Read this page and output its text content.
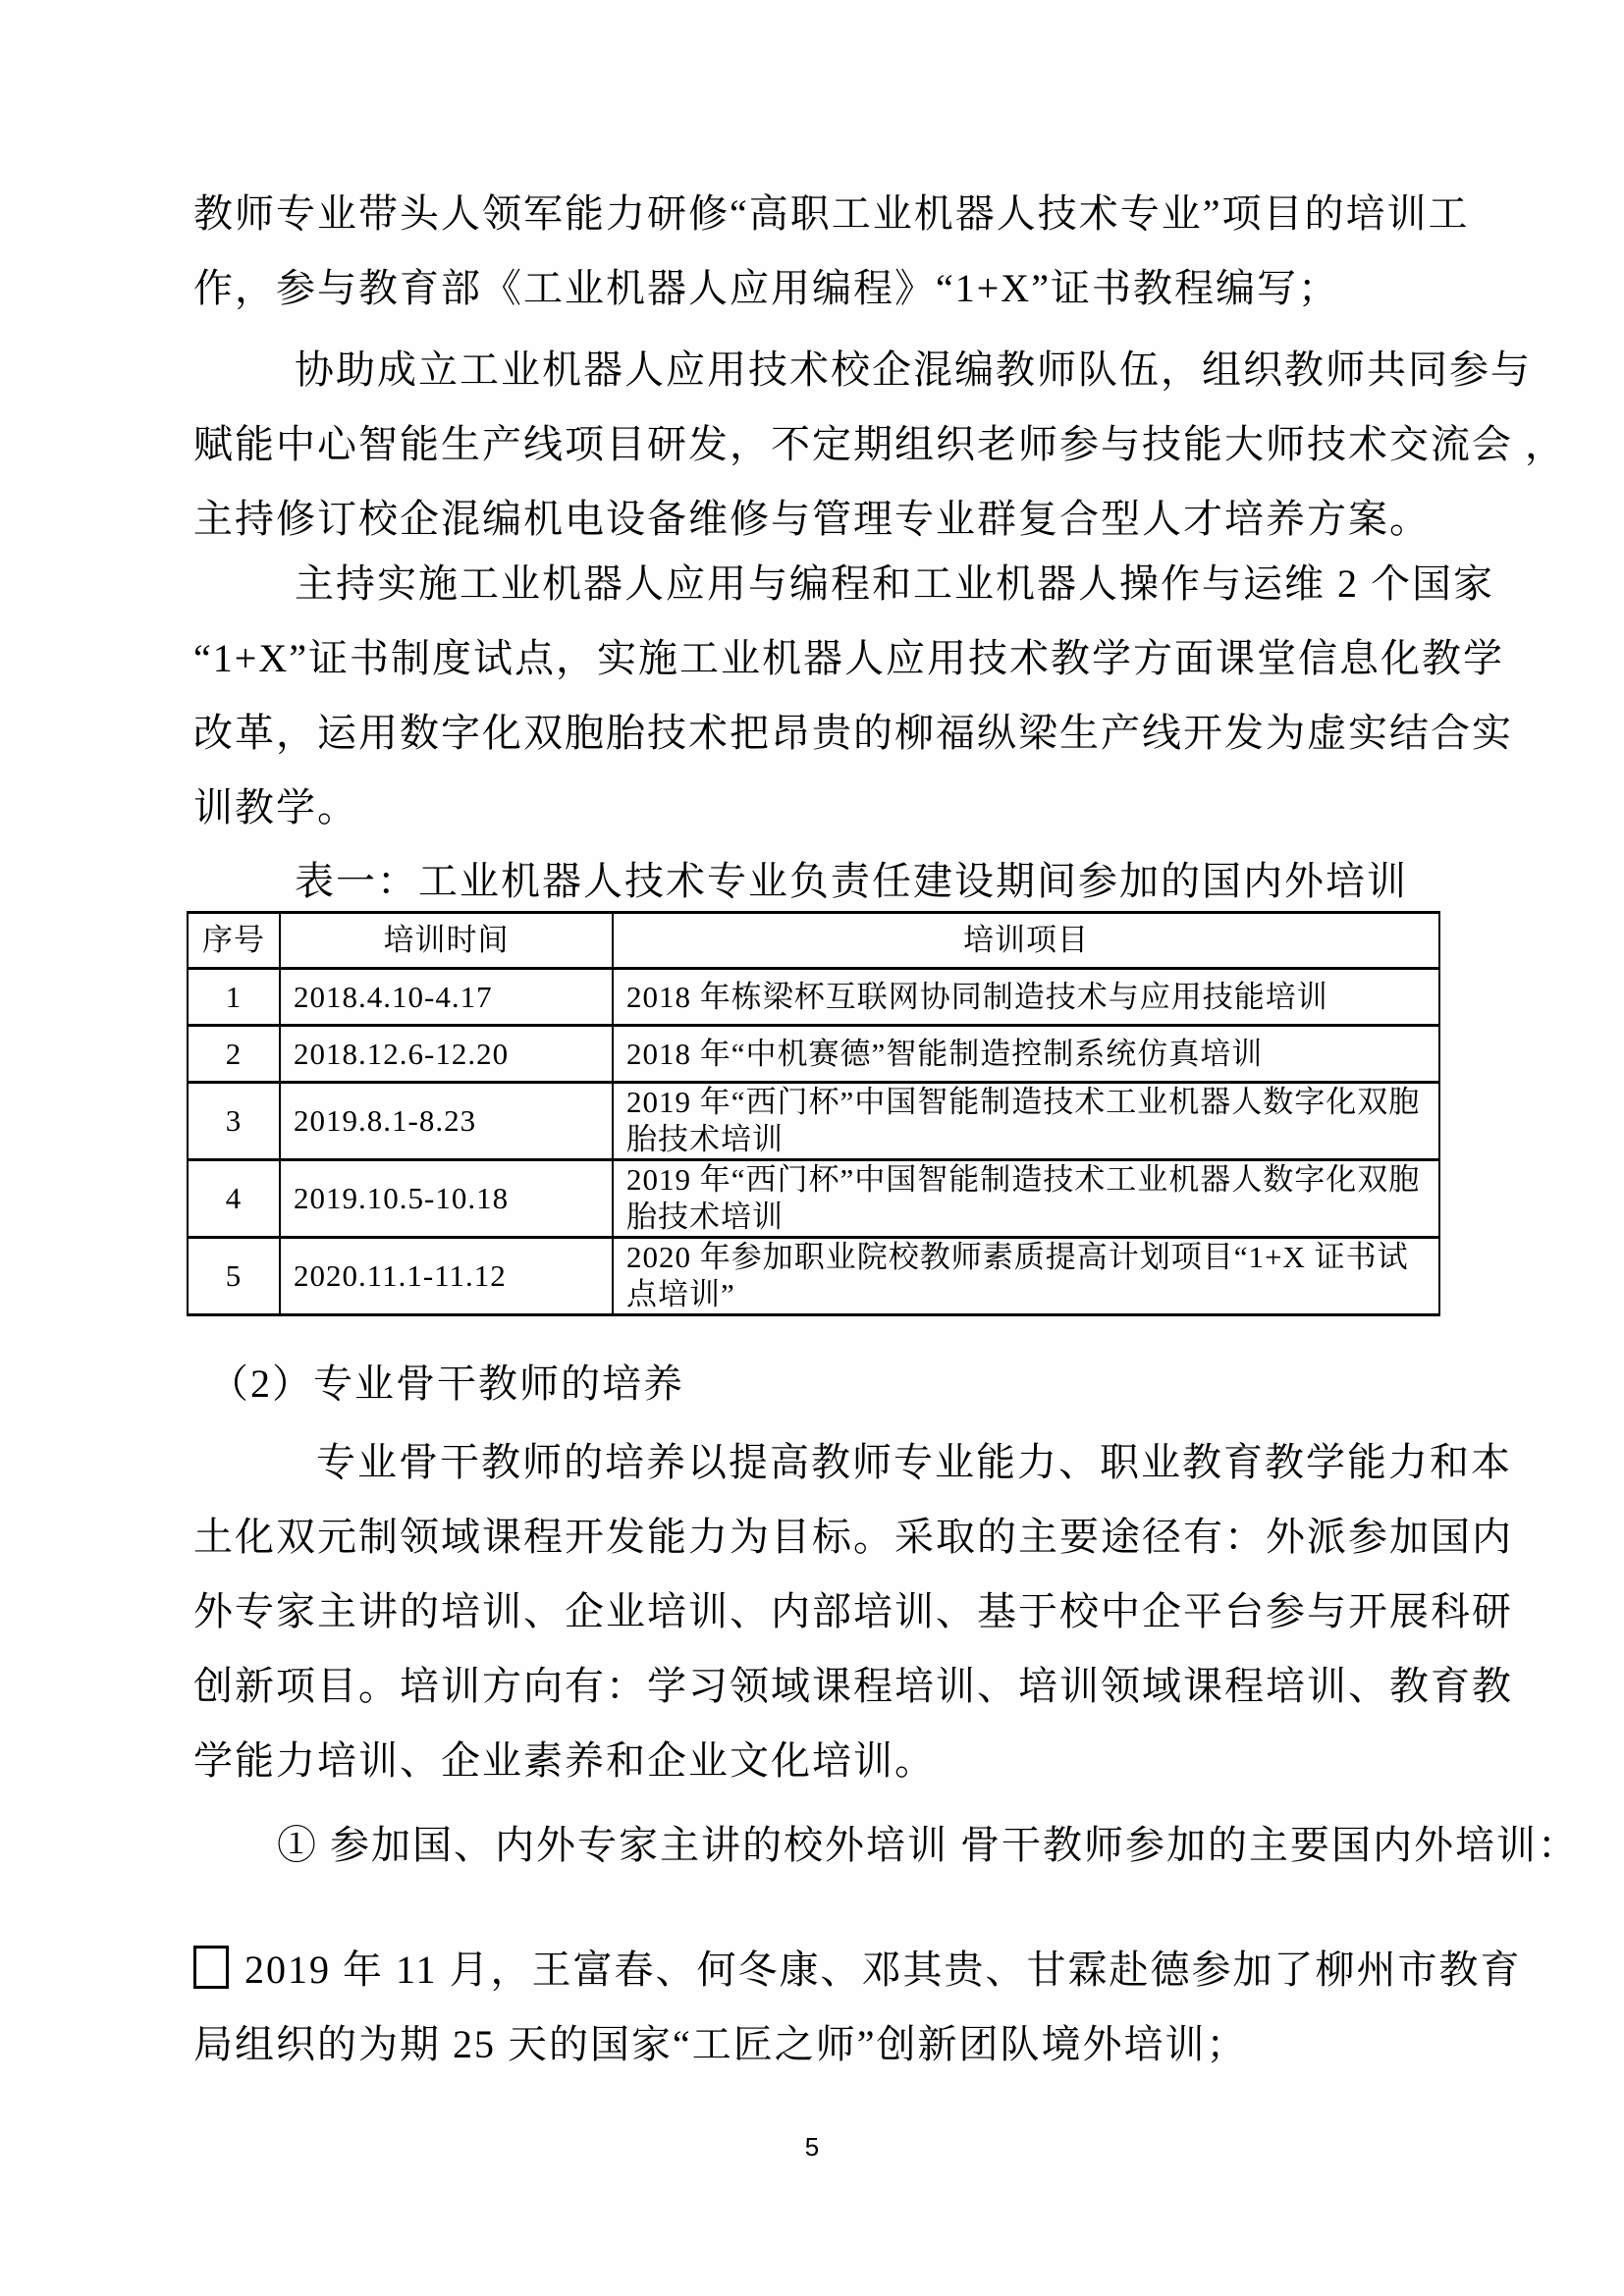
教师专业带头人领军能力研修“高职工业机器人技术专业”项目的培训工
作，参与教育部《工业机器人应用编程》“1+X”证书教程编写；
协助成立工业机器人应用技术校企混编教师队伍，组织教师共同参与
赋能中心智能生产线项目研发，不定期组织老师参与技能大师技术交流会 ，
主持修订校企混编机电设备维修与管理专业群复合型人才培养方案。
主持实施工业机器人应用与编程和工业机器人操作与运维 2 个国家
“1+X”证书制度试点，实施工业机器人应用技术教学方面课堂信息化教学
改革，运用数字化双胞胎技术把昂贵的柳福纵梁生产线开发为虚实结合实
训教学。
表一：工业机器人技术专业负责任建设期间参加的国内外培训
序号	培训时间	培训项目
1	2018.4.10-4.17	2018 年栋梁杯互联网协同制造技术与应用技能培训
2	2018.12.6-12.20	2018 年“中机赛德”智能制造控制系统仿真培训
3	2019.8.1-8.23	2019 年“西门杯”中国智能制造技术工业机器人数字化双胞胎技术培训
4	2019.10.5-10.18	2019 年“西门杯”中国智能制造技术工业机器人数字化双胞胎技术培训
5	2020.11.1-11.12	2020 年参加职业院校教师素质提高计划项目“1+X 证书试点培训”
（2）专业骨干教师的培养
专业骨干教师的培养以提高教师专业能力、职业教育教学能力和本
土化双元制领域课程开发能力为目标。采取的主要途径有：外派参加国内
外专家主讲的培训、企业培训、内部培训、基于校中企平台参与开展科研
创新项目。培训方向有：学习领域课程培训、培训领域课程培训、教育教
学能力培训、企业素养和企业文化培训。
① 参加国、内外专家主讲的校外培训 骨干教师参加的主要国内外培训：
2019 年 11 月，王富春、何冬康、邓其贵、甘霖赴德参加了柳州市教育
局组织的为期 25 天的国家“工匠之师”创新团队境外培训；
5
